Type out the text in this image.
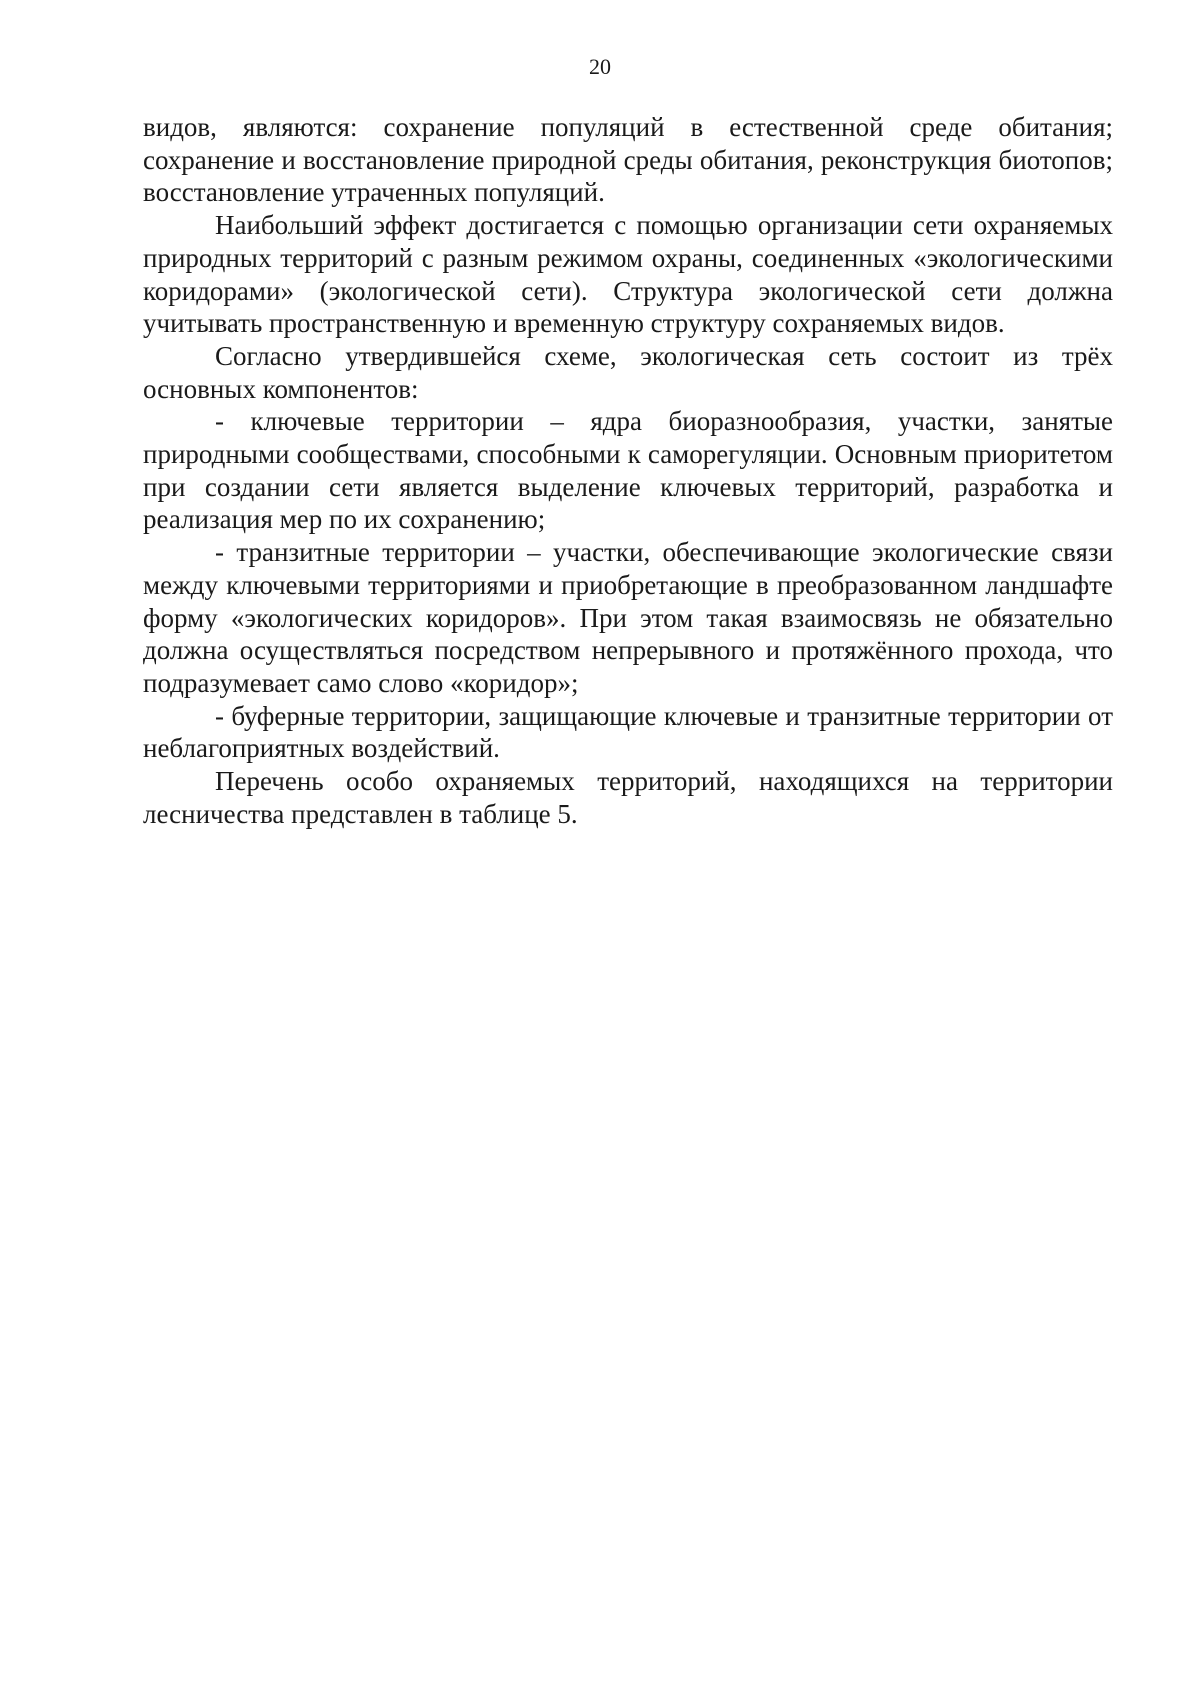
20

видов, являются: сохранение популяций в естественной среде обитания; сохранение и восстановление природной среды обитания, реконструкция биотопов; восстановление утраченных популяций.

Наибольший эффект достигается с помощью организации сети охраняемых природных территорий с разным режимом охраны, соединенных «экологическими коридорами» (экологической сети). Структура экологической сети должна учитывать пространственную и временную структуру сохраняемых видов.

Согласно утвердившейся схеме, экологическая сеть состоит из трёх основных компонентов:

- ключевые территории – ядра биоразнообразия, участки, занятые природными сообществами, способными к саморегуляции. Основным приоритетом при создании сети является выделение ключевых территорий, разработка и реализация мер по их сохранению;

- транзитные территории – участки, обеспечивающие экологические связи между ключевыми территориями и приобретающие в преобразованном ландшафте форму «экологических коридоров». При этом такая взаимосвязь не обязательно должна осуществляться посредством непрерывного и протяжённого прохода, что подразумевает само слово «коридор»;

- буферные территории, защищающие ключевые и транзитные территории от неблагоприятных воздействий.

Перечень особо охраняемых территорий, находящихся на территории лесничества представлен в таблице 5.
